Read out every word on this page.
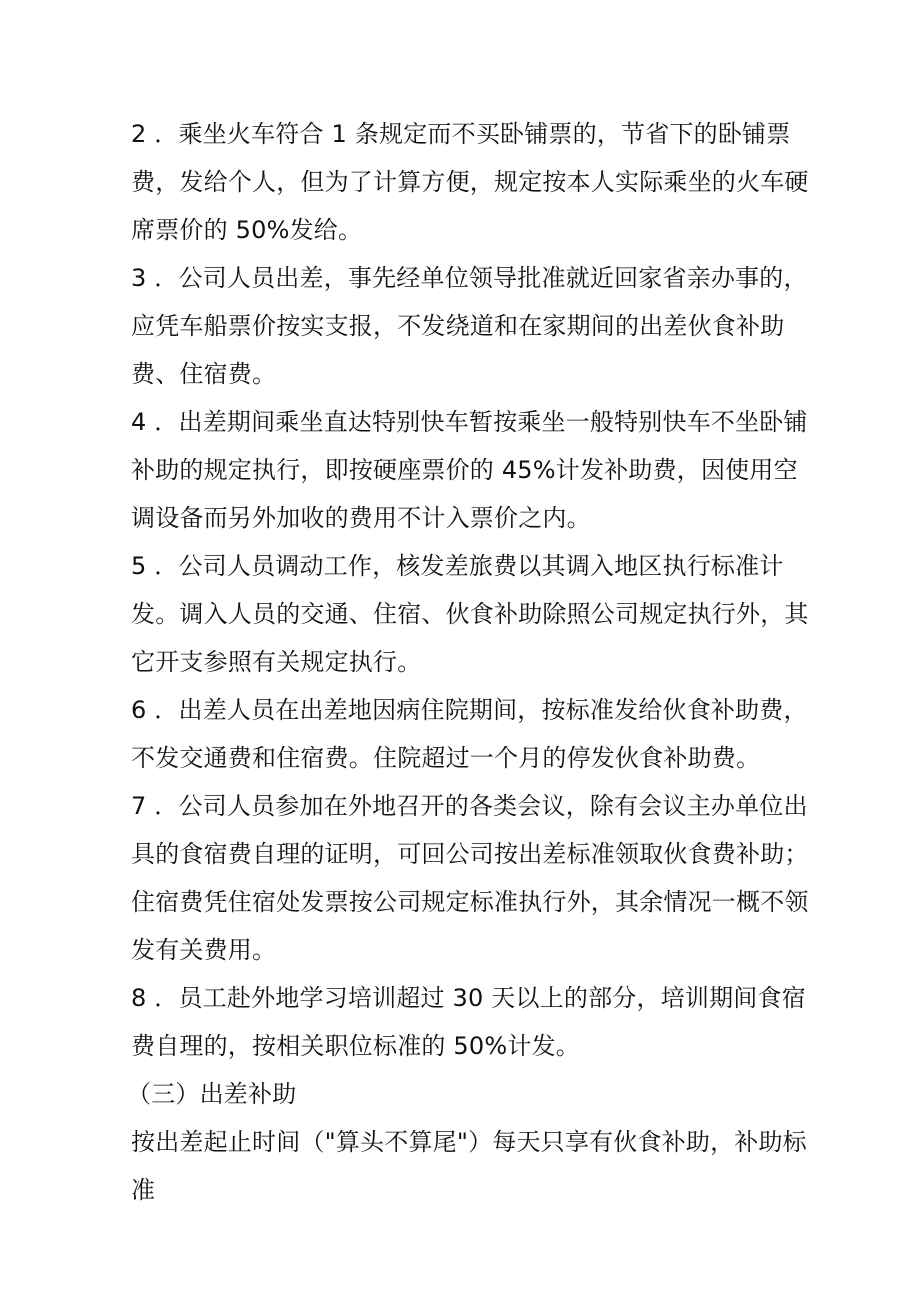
2 ．乘坐火车符合 1 条规定而不买卧铺票的，节省下的卧铺票费，发给个人，但为了计算方便，规定按本人实际乘坐的火车硬席票价的 50%发给。

3 ．公司人员出差，事先经单位领导批准就近回家省亲办事的，应凭车船票价按实支报，不发绕道和在家期间的出差伙食补助费、住宿费。

4 ．出差期间乘坐直达特别快车暂按乘坐一般特别快车不坐卧铺补助的规定执行，即按硬座票价的 45%计发补助费，因使用空调设备而另外加收的费用不计入票价之内。

5 ．公司人员调动工作，核发差旅费以其调入地区执行标准计发。调入人员的交通、住宿、伙食补助除照公司规定执行外，其它开支参照有关规定执行。

6 ．出差人员在出差地因病住院期间，按标准发给伙食补助费，不发交通费和住宿费。住院超过一个月的停发伙食补助费。

7 ．公司人员参加在外地召开的各类会议，除有会议主办单位出具的食宿费自理的证明，可回公司按出差标准领取伙食费补助；住宿费凭住宿处发票按公司规定标准执行外，其余情况一概不领发有关费用。

8 ．员工赴外地学习培训超过 30 天以上的部分，培训期间食宿费自理的，按相关职位标准的 50%计发。

（三）出差补助

按出差起止时间（"算头不算尾"）每天只享有伙食补助，补助标准
